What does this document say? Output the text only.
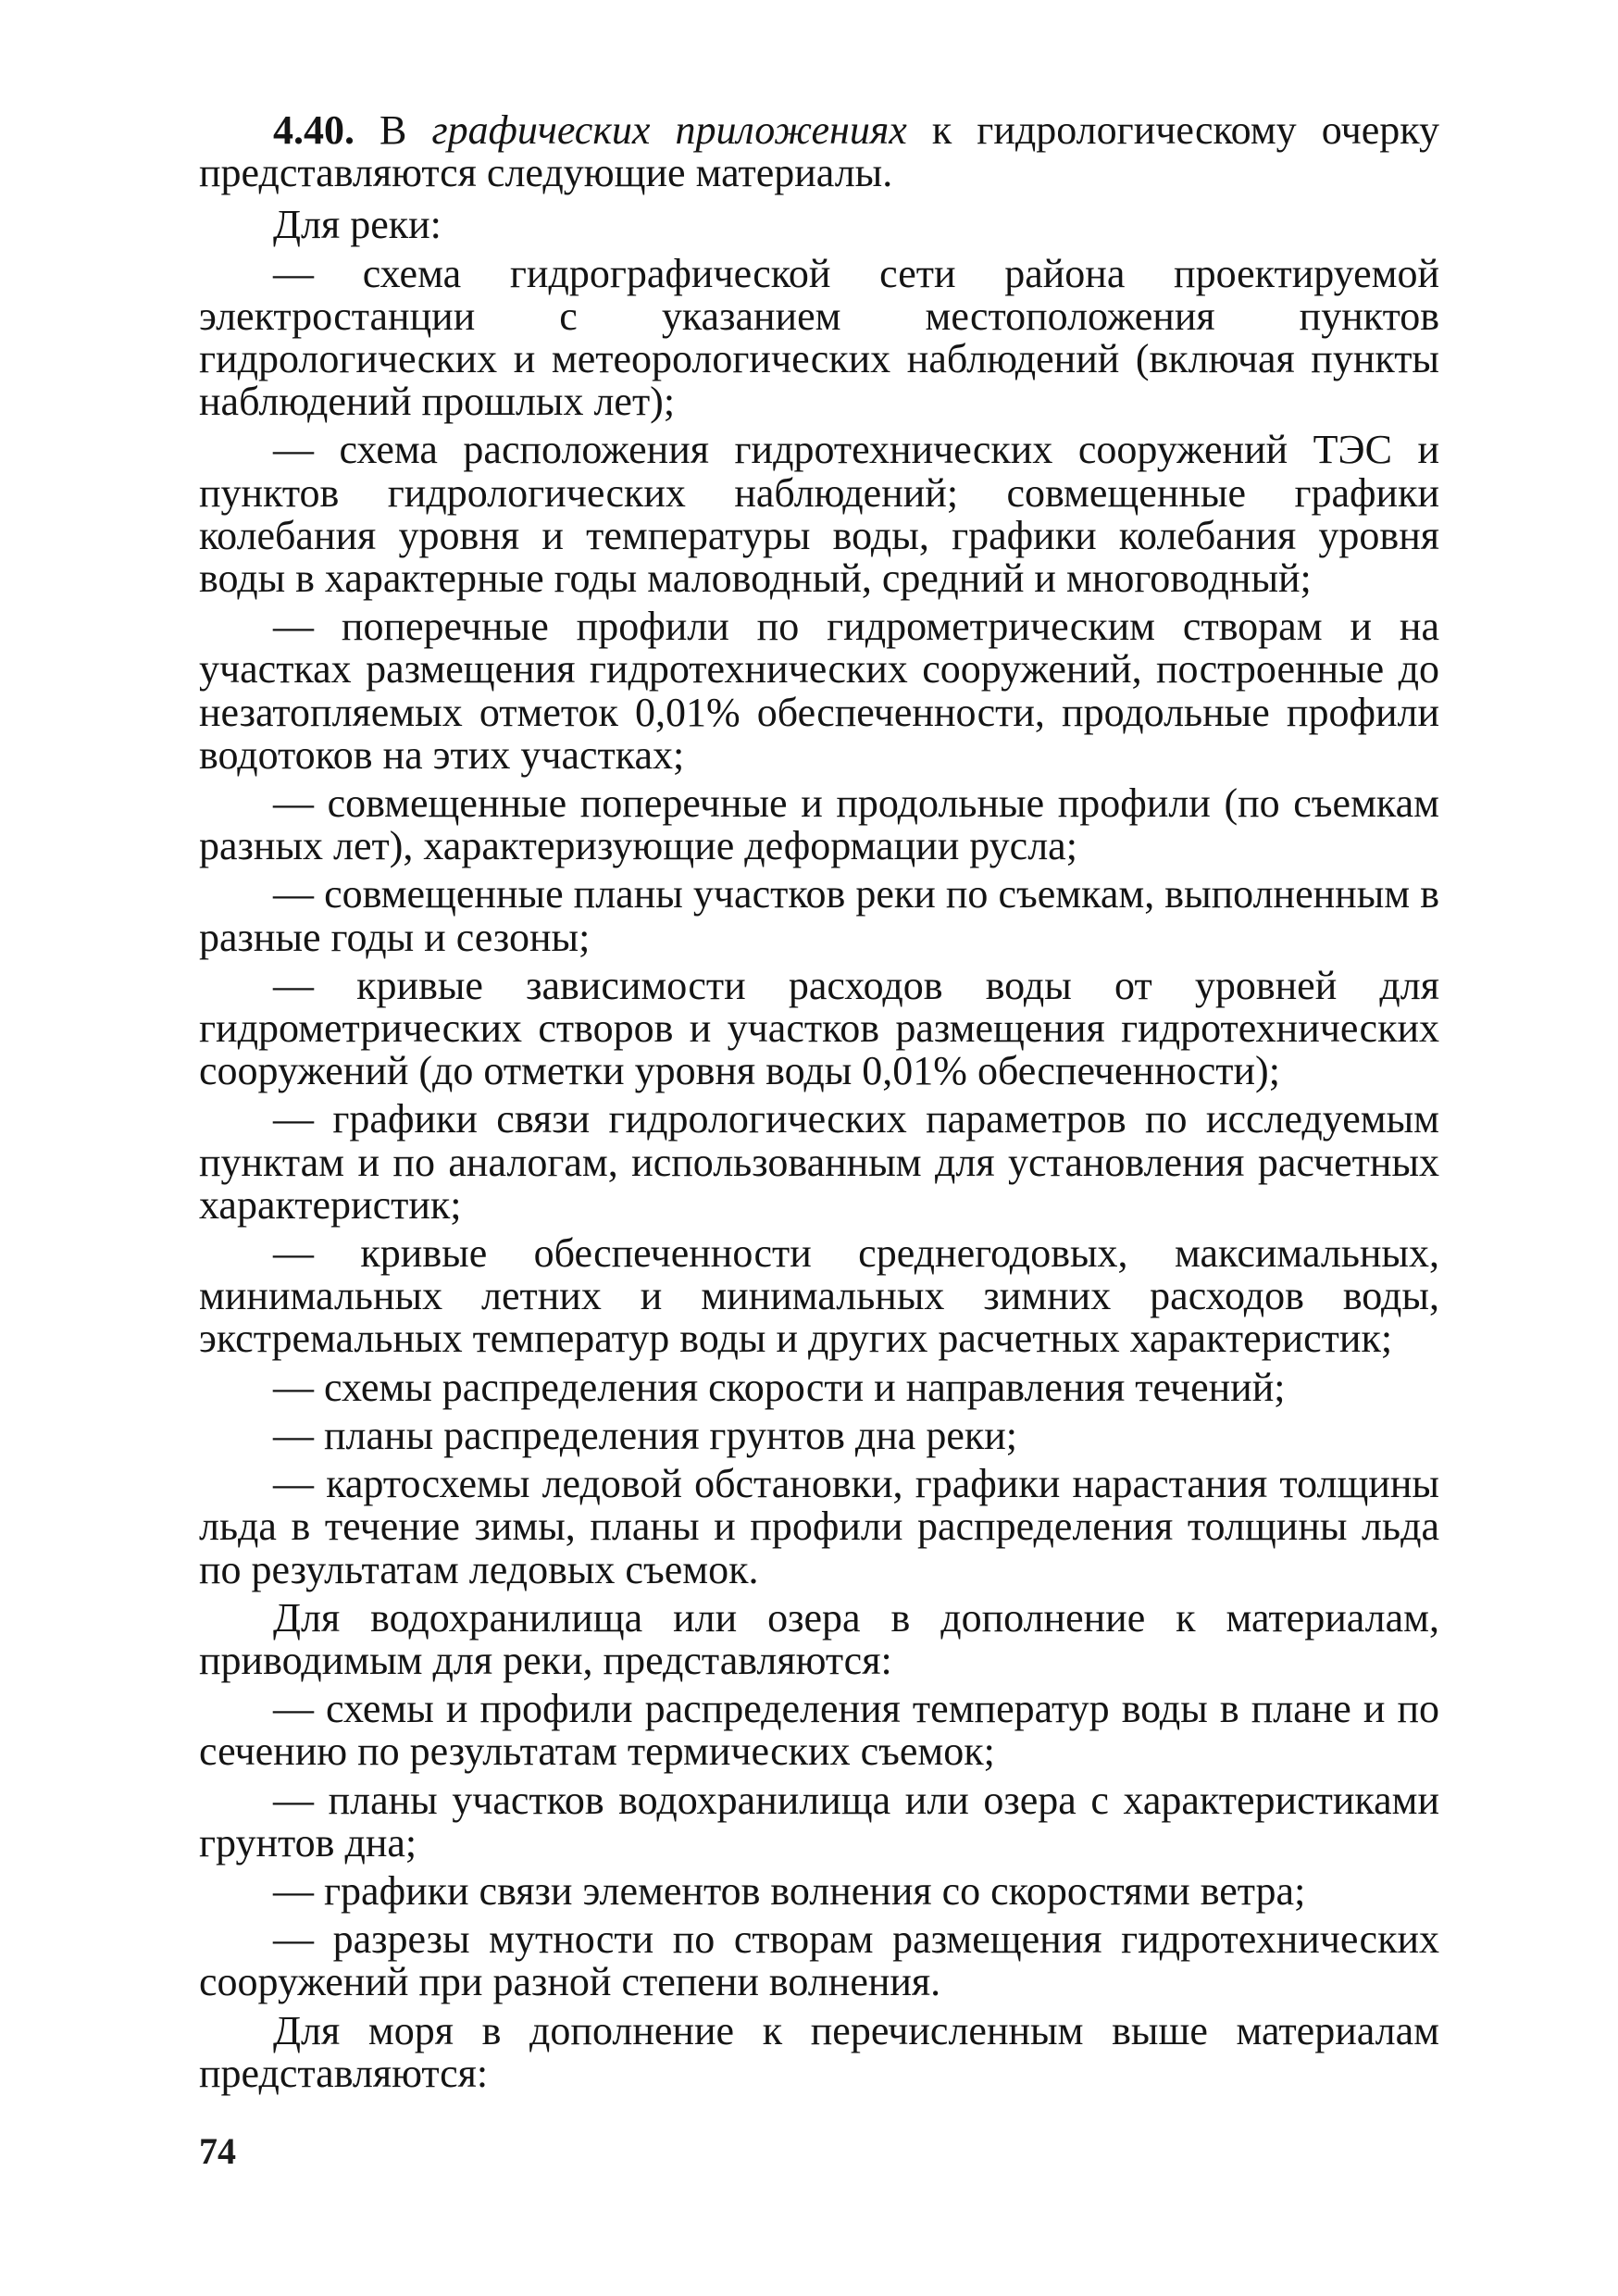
4.40. В графических приложениях к гидрологическому очерку представляются следующие материалы.

Для реки:

— схема гидрографической сети района проектируемой электростанции с указанием местоположения пунктов гидрологических и метеорологических наблюдений (включая пункты наблюдений прошлых лет);

— схема расположения гидротехнических сооружений ТЭС и пунктов гидрологических наблюдений; совмещенные графики колебания уровня и температуры воды, графики колебания уровня воды в характерные годы маловодный, средний и многоводный;

— поперечные профили по гидрометрическим створам и на участках размещения гидротехнических сооружений, построенные до незатопляемых отметок 0,01% обеспеченности, продольные профили водотоков на этих участках;

— совмещенные поперечные и продольные профили (по съемкам разных лет), характеризующие деформации русла;

— совмещенные планы участков реки по съемкам, выполненным в разные годы и сезоны;

— кривые зависимости расходов воды от уровней для гидрометрических створов и участков размещения гидротехнических сооружений (до отметки уровня воды 0,01% обеспеченности);

— графики связи гидрологических параметров по исследуемым пунктам и по аналогам, использованным для установления расчетных характеристик;

— кривые обеспеченности среднегодовых, максимальных, минимальных летних и минимальных зимних расходов воды, экстремальных температур воды и других расчетных характеристик;

— схемы распределения скорости и направления течений;

— планы распределения грунтов дна реки;

— картосхемы ледовой обстановки, графики нарастания толщины льда в течение зимы, планы и профили распределения толщины льда по результатам ледовых съемок.

Для водохранилища или озера в дополнение к материалам, приводимым для реки, представляются:

— схемы и профили распределения температур воды в плане и по сечению по результатам термических съемок;

— планы участков водохранилища или озера с характеристиками грунтов дна;

— графики связи элементов волнения со скоростями ветра;

— разрезы мутности по створам размещения гидротехнических сооружений при разной степени волнения.

Для моря в дополнение к перечисленным выше материалам представляются:

74
